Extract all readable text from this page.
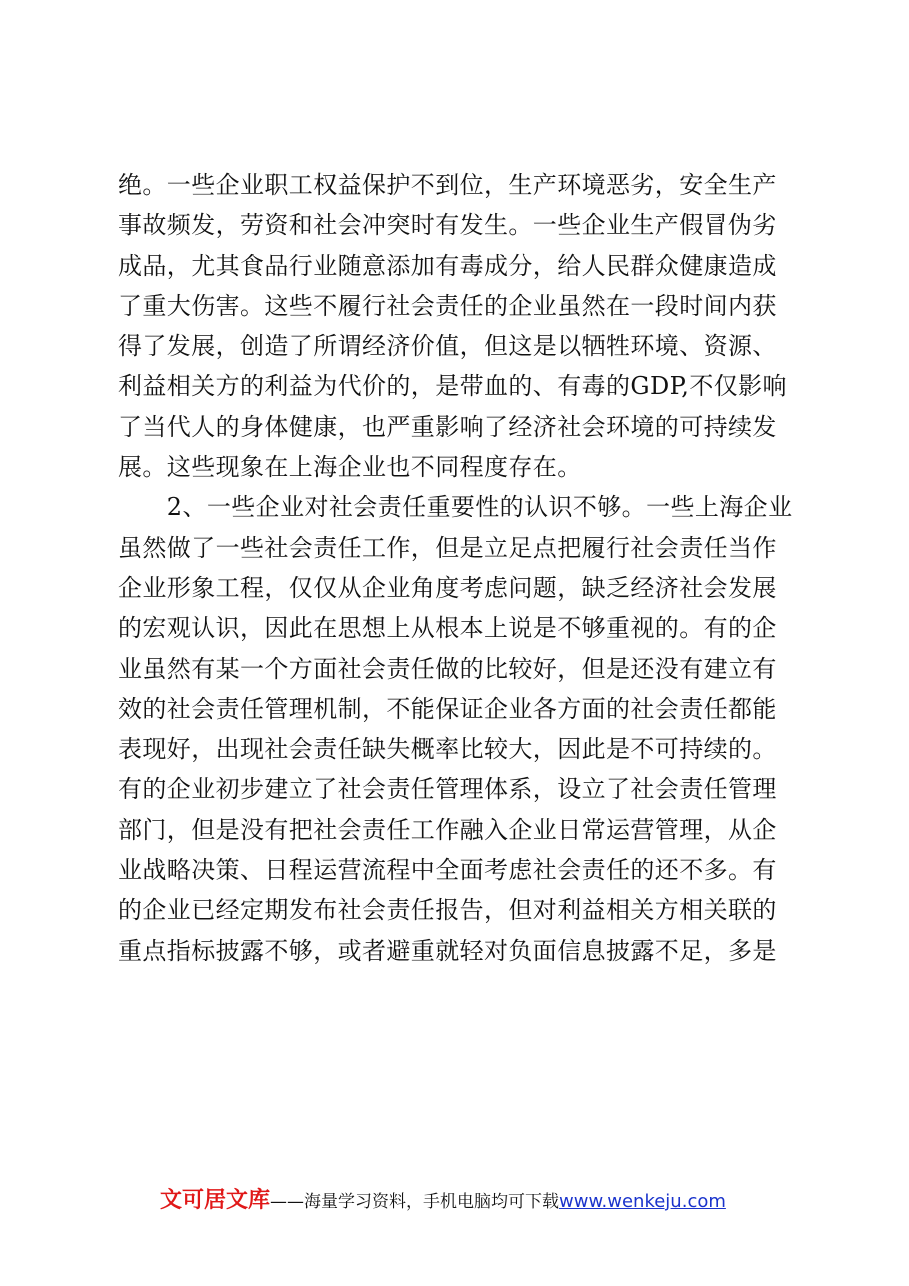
绝。一些企业职工权益保护不到位，生产环境恶劣，安全生产
事故频发，劳资和社会冲突时有发生。一些企业生产假冒伪劣
成品，尤其食品行业随意添加有毒成分，给人民群众健康造成
了重大伤害。这些不履行社会责任的企业虽然在一段时间内获
得了发展，创造了所谓经济价值，但这是以牺牲环境、资源、
利益相关方的利益为代价的，是带血的、有毒的GDP,不仅影响
了当代人的身体健康，也严重影响了经济社会环境的可持续发
展。这些现象在上海企业也不同程度存在。
　　2、一些企业对社会责任重要性的认识不够。一些上海企业
虽然做了一些社会责任工作，但是立足点把履行社会责任当作
企业形象工程，仅仅从企业角度考虑问题，缺乏经济社会发展
的宏观认识，因此在思想上从根本上说是不够重视的。有的企
业虽然有某一个方面社会责任做的比较好，但是还没有建立有
效的社会责任管理机制，不能保证企业各方面的社会责任都能
表现好，出现社会责任缺失概率比较大，因此是不可持续的。
有的企业初步建立了社会责任管理体系，设立了社会责任管理
部门，但是没有把社会责任工作融入企业日常运营管理，从企
业战略决策、日程运营流程中全面考虑社会责任的还不多。有
的企业已经定期发布社会责任报告，但对利益相关方相关联的
重点指标披露不够，或者避重就轻对负面信息披露不足，多是
文可居文库——海量学习资料，手机电脑均可下载www.wenkeju.com
